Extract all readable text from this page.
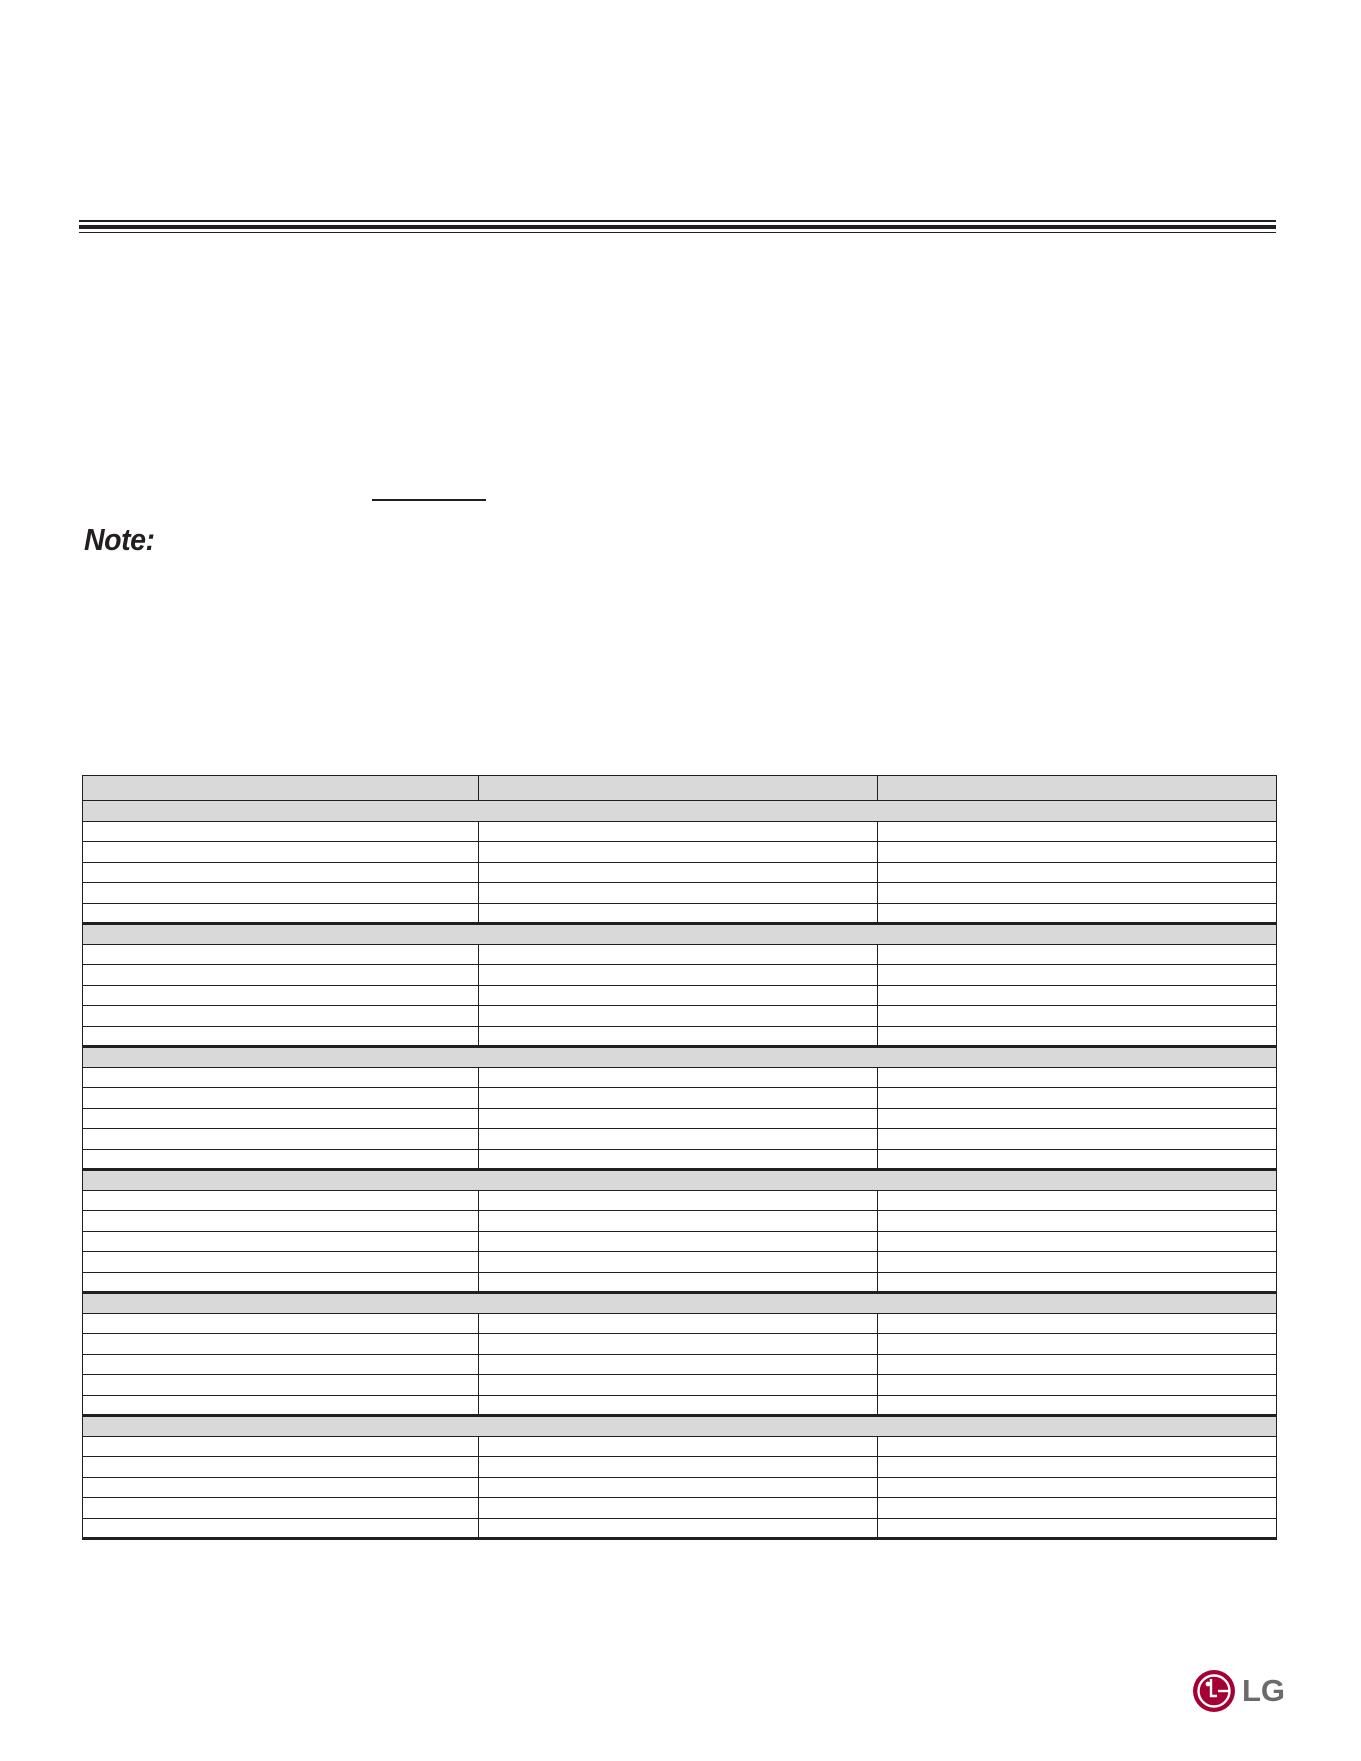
Note:

LG
